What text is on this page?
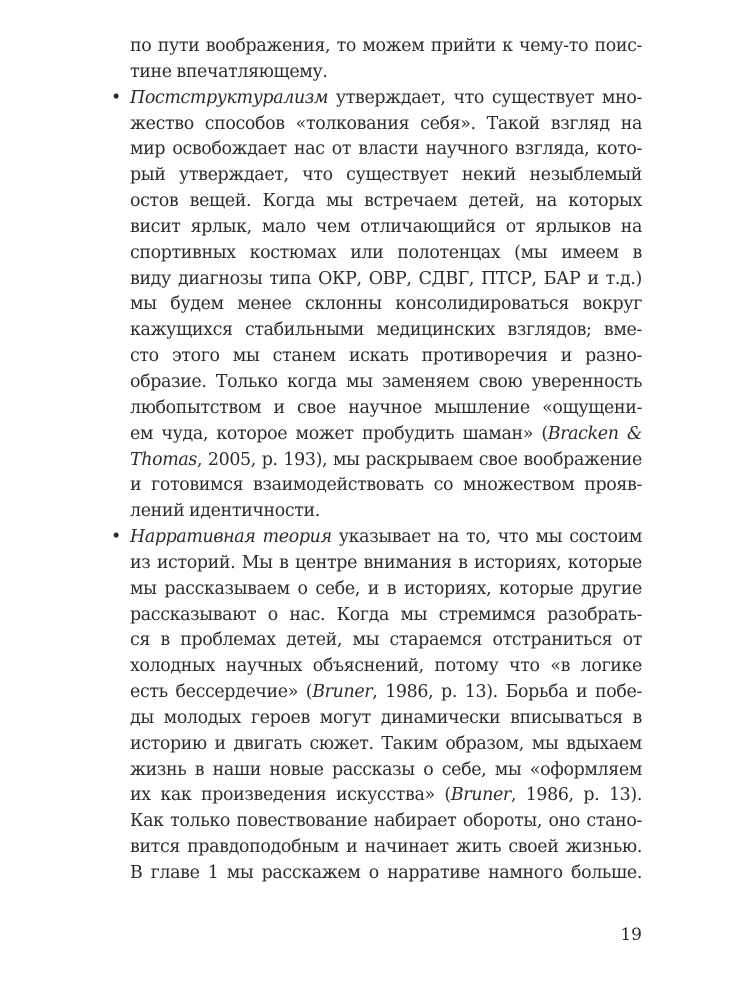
по пути воображения, то можем прийти к чему-то поис-
тине впечатляющему.
• Постструктурализм утверждает, что существует мно-
жество способов «толкования себя». Такой взгляд на
мир освобождает нас от власти научного взгляда, кото-
рый утверждает, что существует некий незыблемый
остов вещей. Когда мы встречаем детей, на которых
висит ярлык, мало чем отличающийся от ярлыков на
спортивных костюмах или полотенцах (мы имеем в
виду диагнозы типа ОКР, ОВР, СДВГ, ПТСР, БАР и т.д.)
мы будем менее склонны консолидироваться вокруг
кажущихся стабильными медицинских взглядов; вме-
сто этого мы станем искать противоречия и разно-
образие. Только когда мы заменяем свою уверенность
любопытством и свое научное мышление «ощущени-
ем чуда, которое может пробудить шаман» (Bracken &
Thomas, 2005, p. 193), мы раскрываем свое воображение
и готовимся взаимодействовать со множеством прояв-
лений идентичности.
• Нарративная теория указывает на то, что мы состоим
из историй. Мы в центре внимания в историях, которые
мы рассказываем о себе, и в историях, которые другие
рассказывают о нас. Когда мы стремимся разобрать-
ся в проблемах детей, мы стараемся отстраниться от
холодных научных объяснений, потому что «в логике
есть бессердечие» (Bruner, 1986, p. 13). Борьба и побе-
ды молодых героев могут динамически вписываться в
историю и двигать сюжет. Таким образом, мы вдыхаем
жизнь в наши новые рассказы о себе, мы «оформляем
их как произведения искусства» (Bruner, 1986, p. 13).
Как только повествование набирает обороты, оно стано-
вится правдоподобным и начинает жить своей жизнью.
В главе 1 мы расскажем о нарративе намного больше.
19
